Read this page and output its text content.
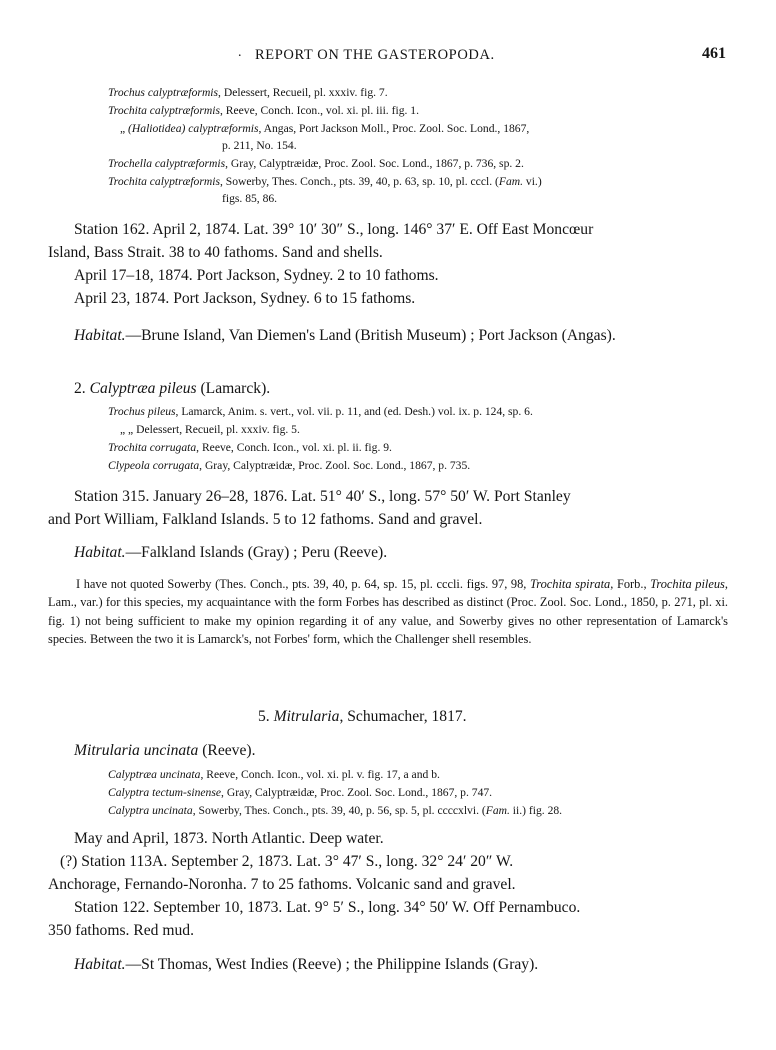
. REPORT ON THE GASTEROPODA.	461
Trochus calyptræformis, Delessert, Recueil, pl. xxxiv. fig. 7.
Trochita calyptræformis, Reeve, Conch. Icon., vol. xi. pl. iii. fig. 1.
„ (Haliotidea) calyptræformis, Angas, Port Jackson Moll., Proc. Zool. Soc. Lond., 1867,
p. 211, No. 154.
Trochella calyptræformis, Gray, Calyptræidæ, Proc. Zool. Soc. Lond., 1867, p. 736, sp. 2.
Trochita calyptræformis, Sowerby, Thes. Conch., pts. 39, 40, p. 63, sp. 10, pl. cccl. (Fam. vi.)
figs. 85, 86.
Station 162. April 2, 1874. Lat. 39° 10′ 30″ S., long. 146° 37′ E. Off East Moncœur
Island, Bass Strait. 38 to 40 fathoms. Sand and shells.
April 17–18, 1874. Port Jackson, Sydney. 2 to 10 fathoms.
April 23, 1874. Port Jackson, Sydney. 6 to 15 fathoms.
Habitat.—Brune Island, Van Diemen's Land (British Museum) ; Port Jackson (Angas).
2. Calyptræa pileus (Lamarck).
Trochus pileus, Lamarck, Anim. s. vert., vol. vii. p. 11, and (ed. Desh.) vol. ix. p. 124, sp. 6.
„ „ Delessert, Recueil, pl. xxxiv. fig. 5.
Trochita corrugata, Reeve, Conch. Icon., vol. xi. pl. ii. fig. 9.
Clypeola corrugata, Gray, Calyptræidæ, Proc. Zool. Soc. Lond., 1867, p. 735.
Station 315. January 26–28, 1876. Lat. 51° 40′ S., long. 57° 50′ W. Port Stanley
and Port William, Falkland Islands. 5 to 12 fathoms. Sand and gravel.
Habitat.—Falkland Islands (Gray) ; Peru (Reeve).
I have not quoted Sowerby (Thes. Conch., pts. 39, 40, p. 64, sp. 15, pl. cccli. figs. 97, 98, Trochita spirata, Forb., Trochita pileus, Lam., var.) for this species, my acquaintance with the form Forbes has described as distinct (Proc. Zool. Soc. Lond., 1850, p. 271, pl. xi. fig. 1) not being sufficient to make my opinion regarding it of any value, and Sowerby gives no other representation of Lamarck's species. Between the two it is Lamarck's, not Forbes' form, which the Challenger shell resembles.
5. Mitrularia, Schumacher, 1817.
Mitrularia uncinata (Reeve).
Calyptræa uncinata, Reeve, Conch. Icon., vol. xi. pl. v. fig. 17, a and b.
Calyptra tectum-sinense, Gray, Calyptræidæ, Proc. Zool. Soc. Lond., 1867, p. 747.
Calyptra uncinata, Sowerby, Thes. Conch., pts. 39, 40, p. 56, sp. 5, pl. ccccxlvi. (Fam. ii.) fig. 28.
May and April, 1873. North Atlantic. Deep water.
(?) Station 113A. September 2, 1873. Lat. 3° 47′ S., long. 32° 24′ 20″ W.
Anchorage, Fernando-Noronha. 7 to 25 fathoms. Volcanic sand and gravel.
Station 122. September 10, 1873. Lat. 9° 5′ S., long. 34° 50′ W. Off Pernambuco.
350 fathoms. Red mud.
Habitat.—St Thomas, West Indies (Reeve) ; the Philippine Islands (Gray).
